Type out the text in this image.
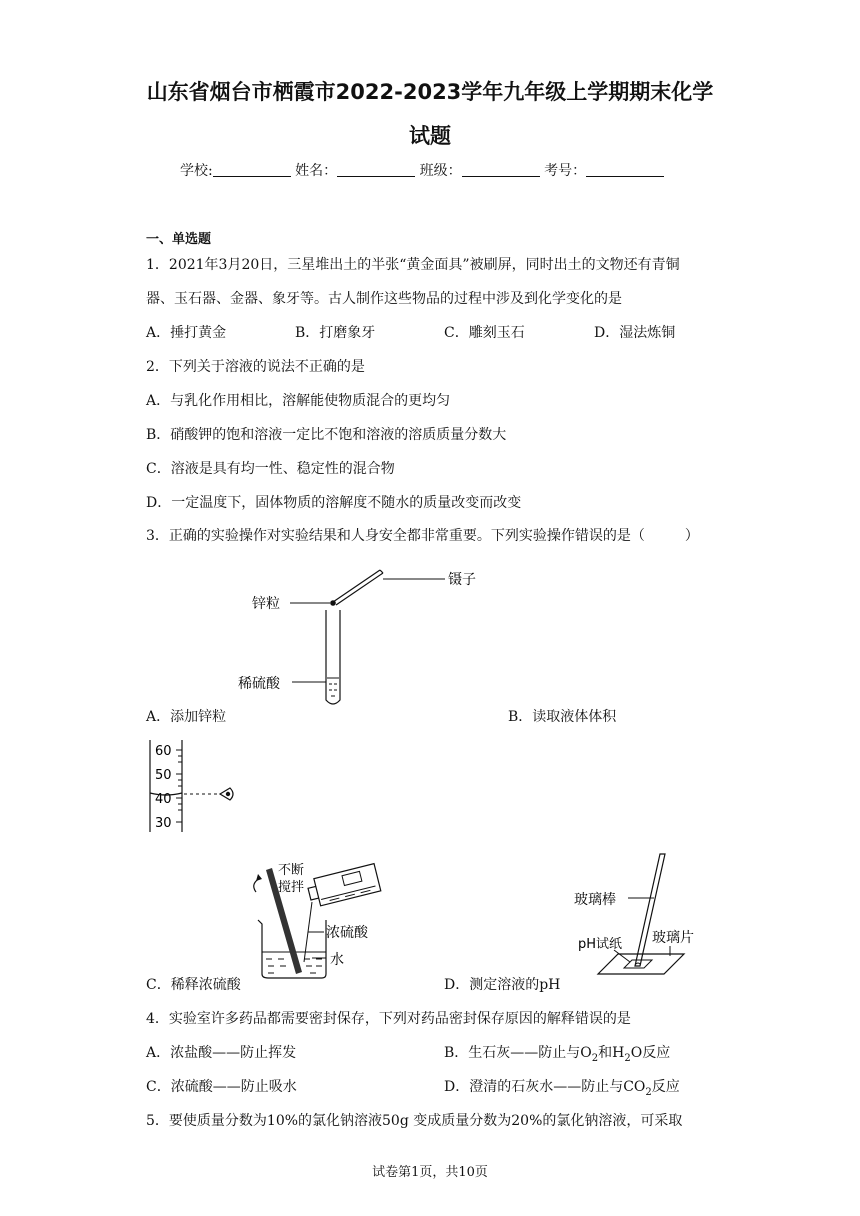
山东省烟台市栖霞市2022-2023学年九年级上学期期末化学
试题
学校:	姓名：	班级：	考号：
一、单选题
1．2021年3月20日，三星堆出土的半张“黄金面具”被刷屏，同时出土的文物还有青铜
器、玉石器、金器、象牙等。古人制作这些物品的过程中涉及到化学变化的是
A．捶打黄金	B．打磨象牙	C．雕刻玉石	D．湿法炼铜
2．下列关于溶液的说法不正确的是
A．与乳化作用相比，溶解能使物质混合的更均匀
B．硝酸钾的饱和溶液一定比不饱和溶液的溶质质量分数大
C．溶液是具有均一性、稳定性的混合物
D．一定温度下，固体物质的溶解度不随水的质量改变而改变
3．正确的实验操作对实验结果和人身安全都非常重要。下列实验操作错误的是（	）
镊子
锌粒
稀硫酸
A．添加锌粒	B．读取液体体积
60
50
40
30
不断
搅拌
浓硫酸
水
玻璃棒
pH试纸 玻璃片
C．稀释浓硫酸	D．测定溶液的pH
4．实验室许多药品都需要密封保存，下列对药品密封保存原因的解释错误的是
A．浓盐酸——防止挥发	B．生石灰——防止与$O_2$和$H_2O$反应
C．浓硫酸——防止吸水	D．澄清的石灰水——防止与$CO_2$反应
5．要使质量分数为10%的氯化钠溶液50g 变成质量分数为20%的氯化钠溶液，可采取
试卷第1页，共10页
